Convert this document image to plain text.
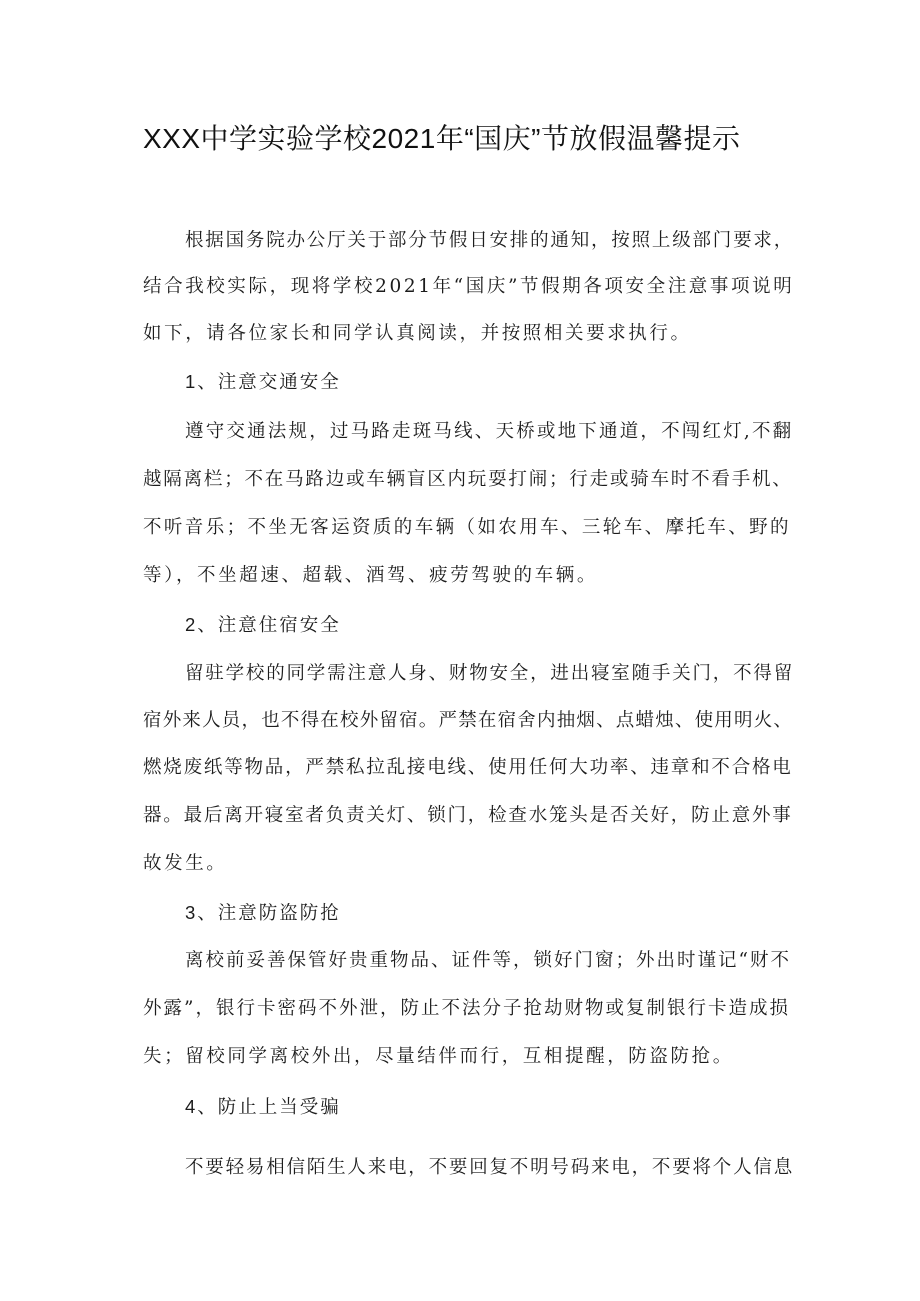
XXX中学实验学校2021年“国庆”节放假温馨提示
根据国务院办公厅关于部分节假日安排的通知，按照上级部门要求，
结合我校实际，现将学校2021年“国庆”节假期各项安全注意事项说明
如下，请各位家长和同学认真阅读，并按照相关要求执行。
1、注意交通安全
遵守交通法规，过马路走斑马线、天桥或地下通道，不闯红灯,不翻
越隔离栏；不在马路边或车辆盲区内玩耍打闹；行走或骑车时不看手机、
不听音乐；不坐无客运资质的车辆（如农用车、三轮车、摩托车、野的
等），不坐超速、超载、酒驾、疲劳驾驶的车辆。
2、注意住宿安全
留驻学校的同学需注意人身、财物安全，进出寝室随手关门，不得留
宿外来人员，也不得在校外留宿。严禁在宿舍内抽烟、点蜡烛、使用明火、
燃烧废纸等物品，严禁私拉乱接电线、使用任何大功率、违章和不合格电
器。最后离开寝室者负责关灯、锁门，检查水笼头是否关好，防止意外事
故发生。
3、注意防盗防抢
离校前妥善保管好贵重物品、证件等，锁好门窗；外出时谨记“财不
外露”，银行卡密码不外泄，防止不法分子抢劫财物或复制银行卡造成损
失；留校同学离校外出，尽量结伴而行，互相提醒，防盗防抢。
4、防止上当受骗
不要轻易相信陌生人来电，不要回复不明号码来电，不要将个人信息
